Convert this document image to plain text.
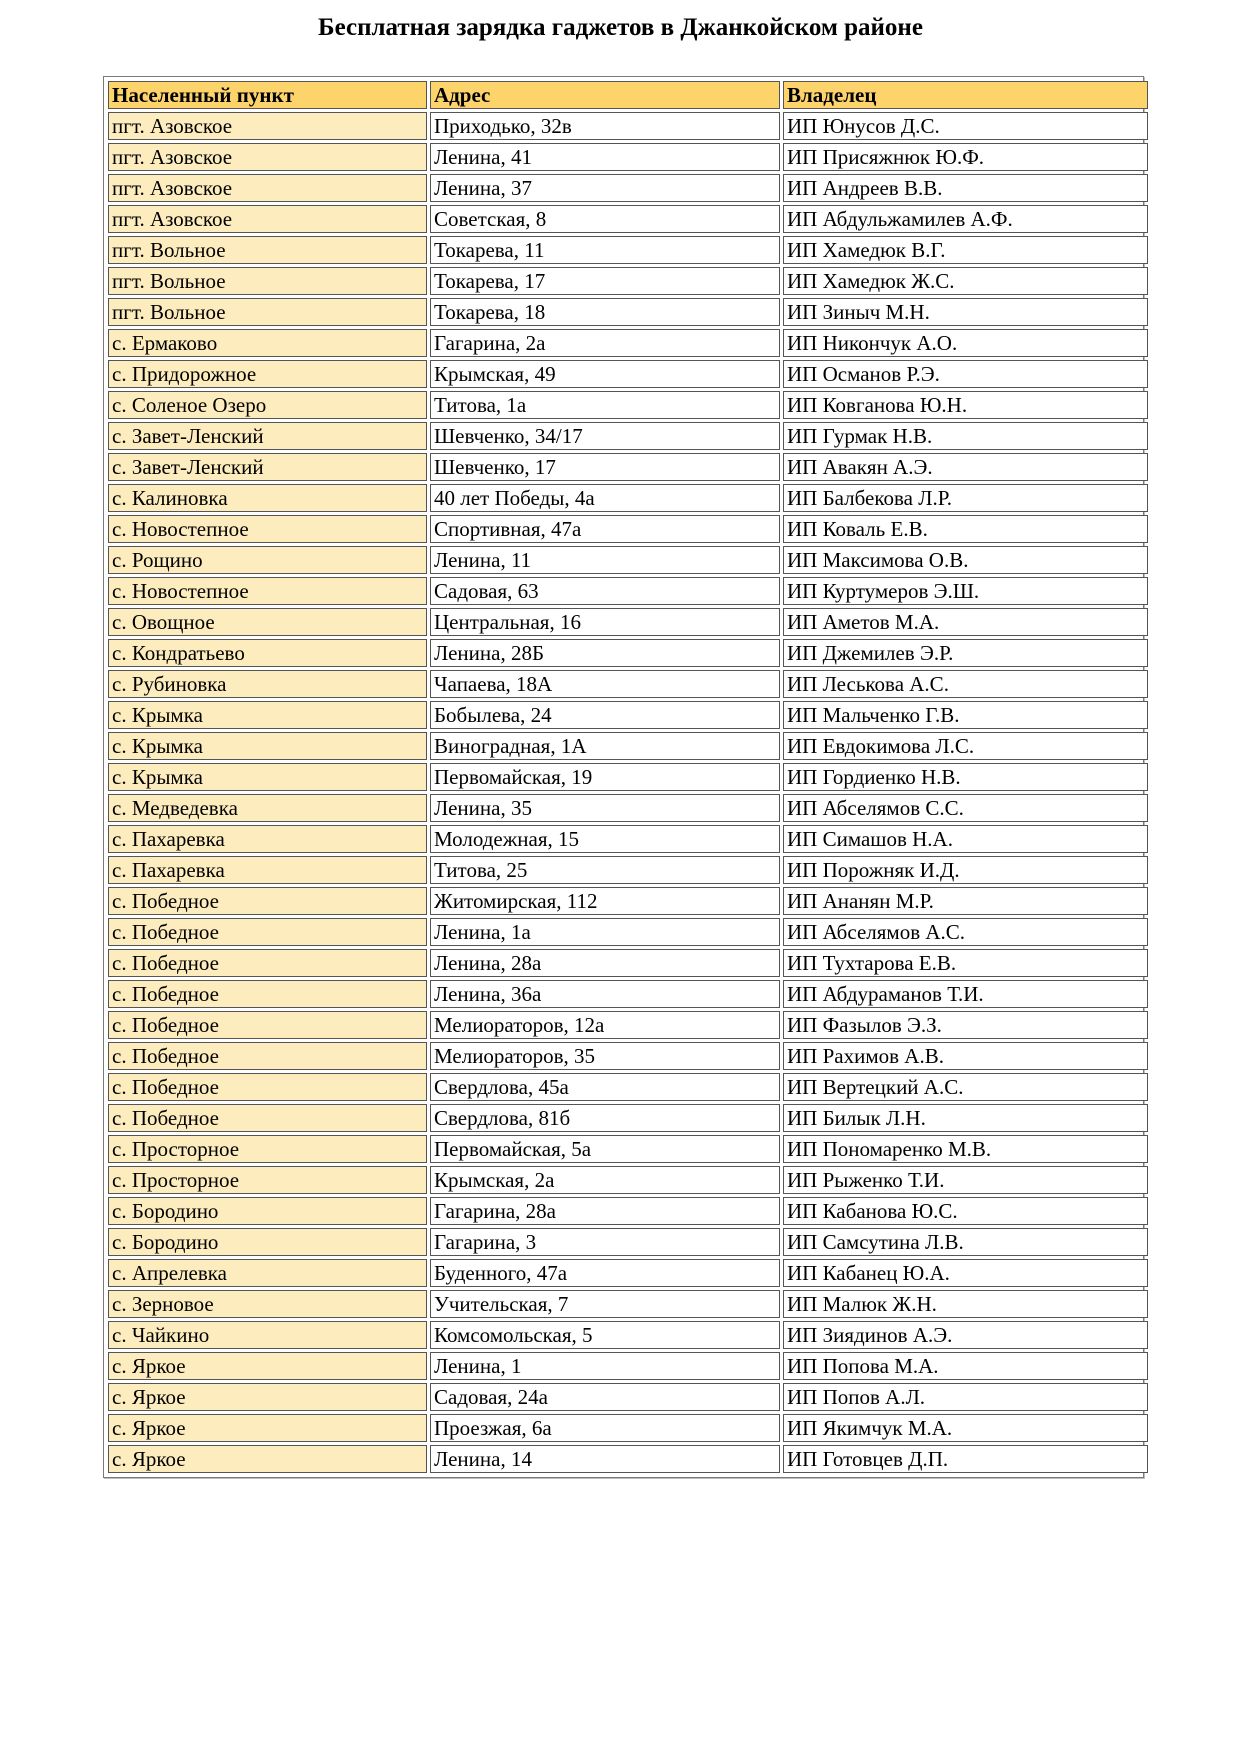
Бесплатная зарядка гаджетов в Джанкойском районе
Населенный пункт	Адрес	Владелец
пгт. Азовское	Приходько, 32в	ИП Юнусов Д.С.
пгт. Азовское	Ленина, 41	ИП Присяжнюк Ю.Ф.
пгт. Азовское	Ленина, 37	ИП Андреев В.В.
пгт. Азовское	Советская, 8	ИП Абдульжамилев А.Ф.
пгт. Вольное	Токарева, 11	ИП Хамедюк В.Г.
пгт. Вольное	Токарева, 17	ИП Хамедюк Ж.С.
пгт. Вольное	Токарева, 18	ИП Зиныч М.Н.
с. Ермаково	Гагарина, 2а	ИП Никончук А.О.
с. Придорожное	Крымская, 49	ИП Османов Р.Э.
с. Соленое Озеро	Титова, 1а	ИП Ковганова Ю.Н.
с. Завет-Ленский	Шевченко, 34/17	ИП Гурмак Н.В.
с. Завет-Ленский	Шевченко, 17	ИП Авакян А.Э.
с. Калиновка	40 лет Победы, 4а	ИП Балбекова Л.Р.
с. Новостепное	Спортивная, 47а	ИП Коваль Е.В.
с. Рощино	Ленина, 11	ИП Максимова О.В.
с. Новостепное	Садовая, 63	ИП Куртумеров Э.Ш.
с. Овощное	Центральная, 16	ИП Аметов М.А.
с. Кондратьево	Ленина, 28Б	ИП Джемилев Э.Р.
с. Рубиновка	Чапаева, 18А	ИП Леськова А.С.
с. Крымка	Бобылева, 24	ИП Мальченко Г.В.
с. Крымка	Виноградная, 1А	ИП Евдокимова Л.С.
с. Крымка	Первомайская, 19	ИП Гордиенко Н.В.
с. Медведевка	Ленина, 35	ИП Абселямов С.С.
с. Пахаревка	Молодежная, 15	ИП Симашов Н.А.
с. Пахаревка	Титова, 25	ИП Порожняк И.Д.
с. Победное	Житомирская, 112	ИП Ананян М.Р.
с. Победное	Ленина, 1а	ИП Абселямов А.С.
с. Победное	Ленина, 28а	ИП Тухтарова Е.В.
с. Победное	Ленина, 36а	ИП Абдураманов Т.И.
с. Победное	Мелиораторов, 12а	ИП Фазылов Э.З.
с. Победное	Мелиораторов, 35	ИП Рахимов А.В.
с. Победное	Свердлова, 45а	ИП Вертецкий А.С.
с. Победное	Свердлова, 81б	ИП Билык Л.Н.
с. Просторное	Первомайская, 5а	ИП Пономаренко М.В.
с. Просторное	Крымская, 2а	ИП Рыженко Т.И.
с. Бородино	Гагарина, 28а	ИП Кабанова Ю.С.
с. Бородино	Гагарина, 3	ИП Самсутина Л.В.
с. Апрелевка	Буденного, 47а	ИП Кабанец Ю.А.
с. Зерновое	Учительская, 7	ИП Малюк Ж.Н.
с. Чайкино	Комсомольская, 5	ИП Зиядинов А.Э.
с. Яркое	Ленина, 1	ИП Попова М.А.
с. Яркое	Садовая, 24а	ИП Попов А.Л.
с. Яркое	Проезжая, 6а	ИП Якимчук М.А.
с. Яркое	Ленина, 14	ИП Готовцев Д.П.
